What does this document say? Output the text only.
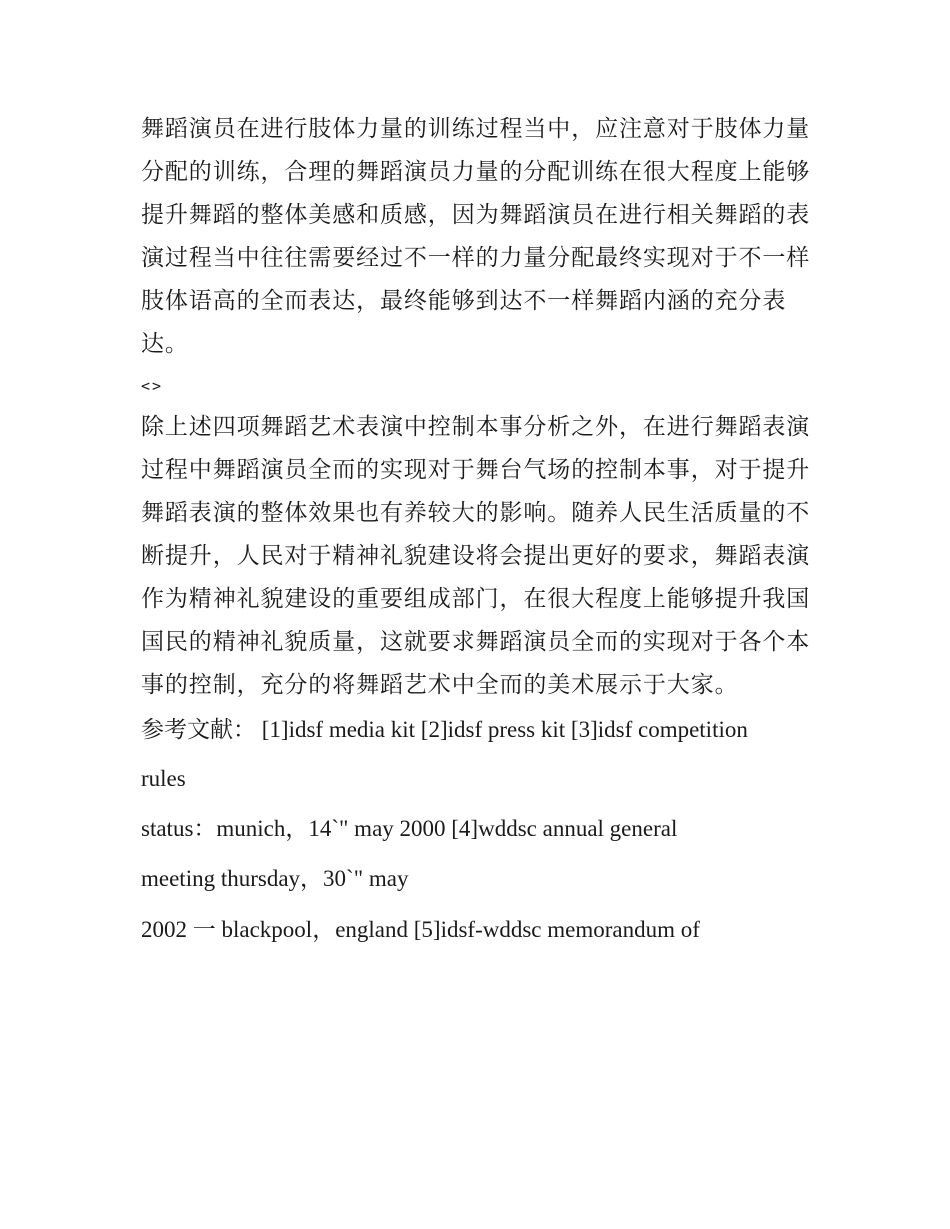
舞蹈演员在进行肢体力量的训练过程当中，应注意对于肢体力量分配的训练，合理的舞蹈演员力量的分配训练在很大程度上能够提升舞蹈的整体美感和质感，因为舞蹈演员在进行相关舞蹈的表演过程当中往往需要经过不一样的力量分配最终实现对于不一样肢体语高的全而表达，最终能够到达不一样舞蹈内涵的充分表达。

<>

除上述四项舞蹈艺术表演中控制本事分析之外，在进行舞蹈表演过程中舞蹈演员全而的实现对于舞台气场的控制本事，对于提升舞蹈表演的整体效果也有养较大的影响。随养人民生活质量的不断提升，人民对于精神礼貌建设将会提出更好的要求，舞蹈表演作为精神礼貌建设的重要组成部门，在很大程度上能够提升我国国民的精神礼貌质量，这就要求舞蹈演员全而的实现对于各个本事的控制，充分的将舞蹈艺术中全而的美术展示于大家。

参考文献： [1]idsf media kit [2]idsf press kit [3]idsf competition

rules

status：munich，14`" may 2000 [4]wddsc annual general

meeting thursday，30`" may

2002 一 blackpool，england [5]idsf-wddsc memorandum of
